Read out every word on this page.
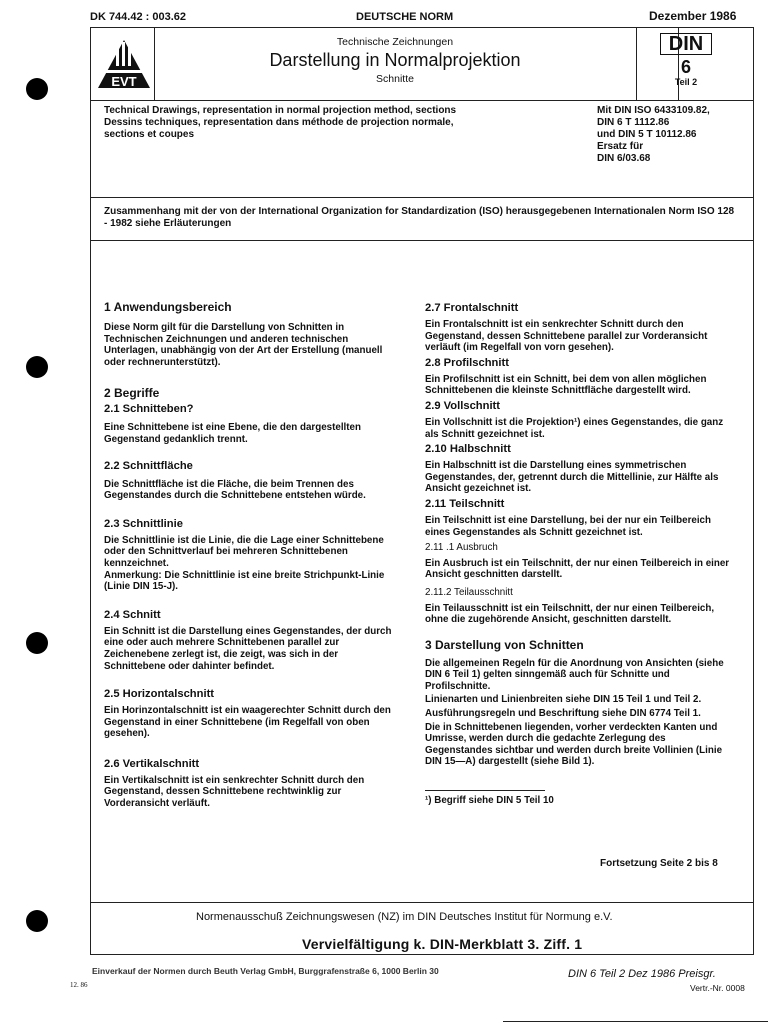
DK 744.42 : 003.62	DEUTSCHE NORM	Dezember 1986
EVT
Technische Zeichnungen
Darstellung in Normalprojektion
Schnitte
DIN
6
Teil 2
Technical Drawings, representation in normal projection method, sections
Dessins techniques, representation dans méthode de projection normale,
sections et coupes
Mit DIN ISO 6433109.82,
DIN 6 T 1112.86
und DIN 5 T 10112.86
Ersatz für
DIN 6/03.68
Zusammenhang mit der von der International Organization for Standardization (ISO) herausgegebenen Internationalen Norm ISO 128 - 1982 siehe Erläuterungen
1 Anwendungsbereich

Diese Norm gilt für die Darstellung von Schnitten in Technischen Zeichnungen und anderen technischen Unterlagen, unabhängig von der Art der Erstellung (manuell oder rechnerunterstützt).

2 Begriffe
2.1 Schnitteben?

Eine Schnittebene ist eine Ebene, die den dargestellten Gegenstand gedanklich trennt.

2.2 Schnittfläche

Die Schnittfläche ist die Fläche, die beim Trennen des Gegenstandes durch die Schnittebene entstehen würde.

2.3 Schnittlinie

Die Schnittlinie ist die Linie, die die Lage einer Schnittebene oder den Schnittverlauf bei mehreren Schnittebenen kennzeichnet.

Anmerkung: Die Schnittlinie ist eine breite Strichpunkt-Linie (Linie DIN 15-J).

2.4 Schnitt

Ein Schnitt ist die Darstellung eines Gegenstandes, der durch eine oder auch mehrere Schnittebenen parallel zur Zeichenebene zerlegt ist, die zeigt, was sich in der Schnittebene oder dahinter befindet.

2.5 Horizontalschnitt

Ein Horinzontalschnitt ist ein waagerechter Schnitt durch den Gegenstand in einer Schnittebene (im Regelfall von oben gesehen).

2.6 Vertikalschnitt

Ein Vertikalschnitt ist ein senkrechter Schnitt durch den Gegenstand, dessen Schnittebene rechtwinklig zur Vorderansicht verläuft.

2.7 Frontalschnitt

Ein Frontalschnitt ist ein senkrechter Schnitt durch den Gegenstand, dessen Schnittebene parallel zur Vorderansicht verläuft (im Regelfall von vorn gesehen).

2.8 Profilschnitt

Ein Profilschnitt ist ein Schnitt, bei dem von allen möglichen Schnittebenen die kleinste Schnittfläche dargestellt wird.

2.9 Vollschnitt

Ein Vollschnitt ist die Projektion¹) eines Gegenstandes, die ganz als Schnitt gezeichnet ist.

2.10 Halbschnitt

Ein Halbschnitt ist die Darstellung eines symmetrischen Gegenstandes, der, getrennt durch die Mittellinie, zur Hälfte als Ansicht gezeichnet ist.

2.11 Teilschnitt

Ein Teilschnitt ist eine Darstellung, bei der nur ein Teilbereich eines Gegenstandes als Schnitt gezeichnet ist.

2.11 .1 Ausbruch

Ein Ausbruch ist ein Teilschnitt, der nur einen Teilbereich in einer Ansicht geschnitten darstellt.

2.11.2 Teilausschnitt

Ein Teilausschnitt ist ein Teilschnitt, der nur einen Teilbereich, ohne die zugehörende Ansicht, geschnitten darstellt.

3 Darstellung von Schnitten

Die allgemeinen Regeln für die Anordnung von Ansichten (siehe DIN 6 Teil 1) gelten sinngemäß auch für Schnitte und Profilschnitte.

Linienarten und Linienbreiten siehe DIN 15 Teil 1 und Teil 2.

Ausführungsregeln und Beschriftung siehe DIN 6774 Teil 1.

Die in Schnittebenen liegenden, vorher verdeckten Kanten und Umrisse, werden durch die gedachte Zerlegung des Gegenstandes sichtbar und werden durch breite Vollinien (Linie DIN 15—A) dargestellt (siehe Bild 1).

¹) Begriff siehe DIN 5 Teil 10

Fortsetzung Seite 2 bis 8
Normenausschuß Zeichnungswesen (NZ) im DIN Deutsches Institut für Normung e.V.
Vervielfältigung k. DIN-Merkblatt 3. Ziff. 1
Einverkauf der Normen durch Beuth Verlag GmbH, Burggrafenstraße 6, 1000 Berlin 30	DIN 6 Teil 2 Dez 1986 Preisgr.
12. 86	Vertr.-Nr. 0008
